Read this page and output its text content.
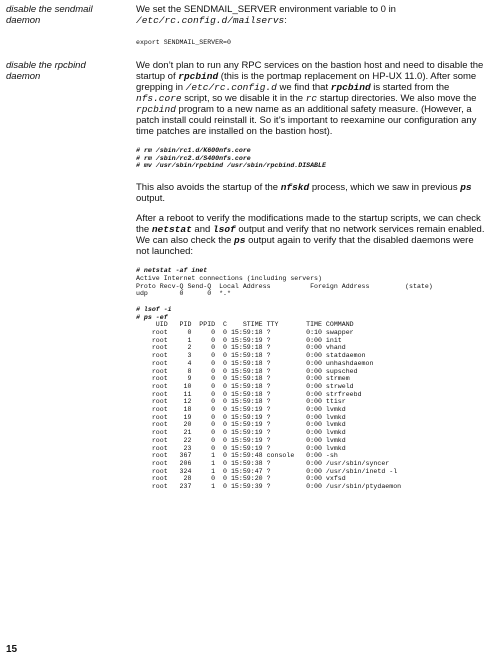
disable the sendmail daemon

We set the SENDMAIL_SERVER environment variable to 0 in /etc/rc.config.d/mailservs:

export SENDMAIL_SERVER=0
disable the rpcbind daemon

We don’t plan to run any RPC services on the bastion host and need to disable the startup of rpcbind (this is the portmap replacement on HP-UX 11.0). After some grepping in /etc/rc.config.d we find that rpcbind is started from the nfs.core script, so we disable it in the rc startup directories. We also move the rpcbind program to a new name as an additional safety measure. (However, a patch install could reinstall it. So it’s important to reexamine our configuration any time patches are installed on the bastion host).

# rm /sbin/rc1.d/K600nfs.core
# rm /sbin/rc2.d/S400nfs.core
# mv /usr/sbin/rpcbind /usr/sbin/rpcbind.DISABLE

This also avoids the startup of the nfskd process, which we saw in previous ps output.

After a reboot to verify the modifications made to the startup scripts, we can check the netstat and lsof output and verify that no network services remain enabled. We can also check the ps output again to verify that the disabled daemons were not launched:

# netstat -af inet
Active Internet connections (including servers)
Proto Recv-Q Send-Q  Local Address          Foreign Address         (state)
udp        0      0  *.*
# lsof -i
# ps -ef
UID   PID  PPID  C    STIME TTY       TIME COMMAND
root     0     0  0 15:59:18 ?         0:10 swapper
root     1     0  0 15:59:19 ?         0:00 init
root     2     0  0 15:59:18 ?         0:00 vhand
root     3     0  0 15:59:18 ?         0:00 statdaemon
root     4     0  0 15:59:18 ?         0:00 unhashdaemon
root     8     0  0 15:59:18 ?         0:00 supsched
root     9     0  0 15:59:18 ?         0:00 strmem
root    10     0  0 15:59:18 ?         0:00 strweld
root    11     0  0 15:59:18 ?         0:00 strfreebd
root    12     0  0 15:59:18 ?         0:00 ttisr
root    18     0  0 15:59:19 ?         0:00 lvmkd
root    19     0  0 15:59:19 ?         0:00 lvmkd
root    20     0  0 15:59:19 ?         0:00 lvmkd
root    21     0  0 15:59:19 ?         0:00 lvmkd
root    22     0  0 15:59:19 ?         0:00 lvmkd
root    23     0  0 15:59:19 ?         0:00 lvmkd
root   367     1  0 15:59:48 console   0:00 -sh
root   206     1  0 15:59:38 ?         0:00 /usr/sbin/syncer
root   324     1  0 15:59:47 ?         0:00 /usr/sbin/inetd -l
root    28     0  0 15:59:20 ?         0:00 vxfsd
root   237     1  0 15:59:39 ?         0:00 /usr/sbin/ptydaemon
15
